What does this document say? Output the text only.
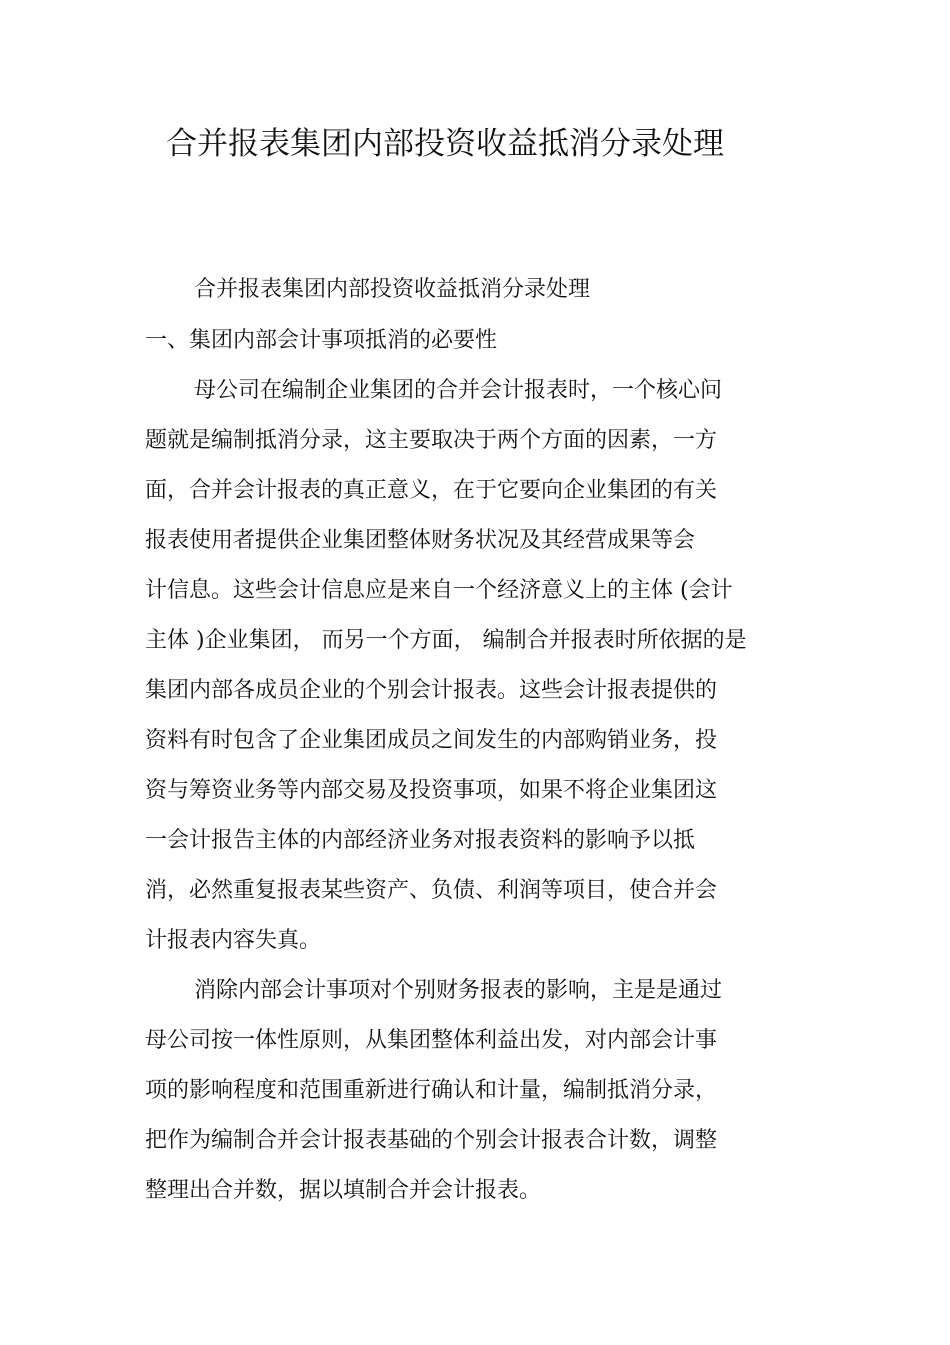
合并报表集团内部投资收益抵消分录处理
合并报表集团内部投资收益抵消分录处理
一、集团内部会计事项抵消的必要性
母公司在编制企业集团的合并会计报表时，一个核心问
题就是编制抵消分录，这主要取决于两个方面的因素，一方
面，合并会计报表的真正意义，在于它要向企业集团的有关
报表使用者提供企业集团整体财务状况及其经营成果等会
计信息。这些会计信息应是来自一个经济意义上的主体 (会计
主体 )企业集团， 而另一个方面， 编制合并报表时所依据的是
集团内部各成员企业的个别会计报表。这些会计报表提供的
资料有时包含了企业集团成员之间发生的内部购销业务，投
资与筹资业务等内部交易及投资事项，如果不将企业集团这
一会计报告主体的内部经济业务对报表资料的影响予以抵
消，必然重复报表某些资产、负债、利润等项目，使合并会
计报表内容失真。
消除内部会计事项对个别财务报表的影响，主是是通过
母公司按一体性原则，从集团整体利益出发，对内部会计事
项的影响程度和范围重新进行确认和计量，编制抵消分录，
把作为编制合并会计报表基础的个别会计报表合计数，调整
整理出合并数，据以填制合并会计报表。
